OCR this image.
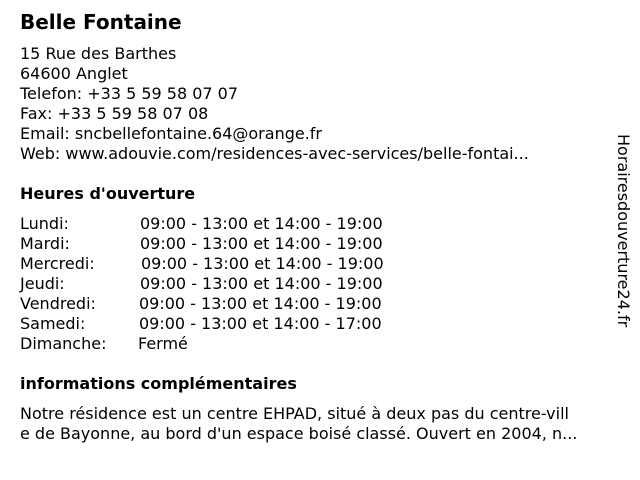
Belle Fontaine
15 Rue des Barthes
64600 Anglet
Telefon: +33 5 59 58 07 07
Fax: +33 5 59 58 07 08
Email: sncbellefontaine.64@orange.fr
Web: www.adouvie.com/residences-avec-services/belle-fontai...
Heures d'ouverture
Lundi:	09:00 - 13:00 et 14:00 - 19:00
Mardi:	09:00 - 13:00 et 14:00 - 19:00
Mercredi:	09:00 - 13:00 et 14:00 - 19:00
Jeudi:	09:00 - 13:00 et 14:00 - 19:00
Vendredi:	09:00 - 13:00 et 14:00 - 19:00
Samedi:	09:00 - 13:00 et 14:00 - 17:00
Dimanche: Fermé
informations complémentaires
Notre résidence est un centre EHPAD, situé à deux pas du centre-vill
e de Bayonne, au bord d'un espace boisé classé. Ouvert en 2004, n...
Horairesdouverture24.fr
